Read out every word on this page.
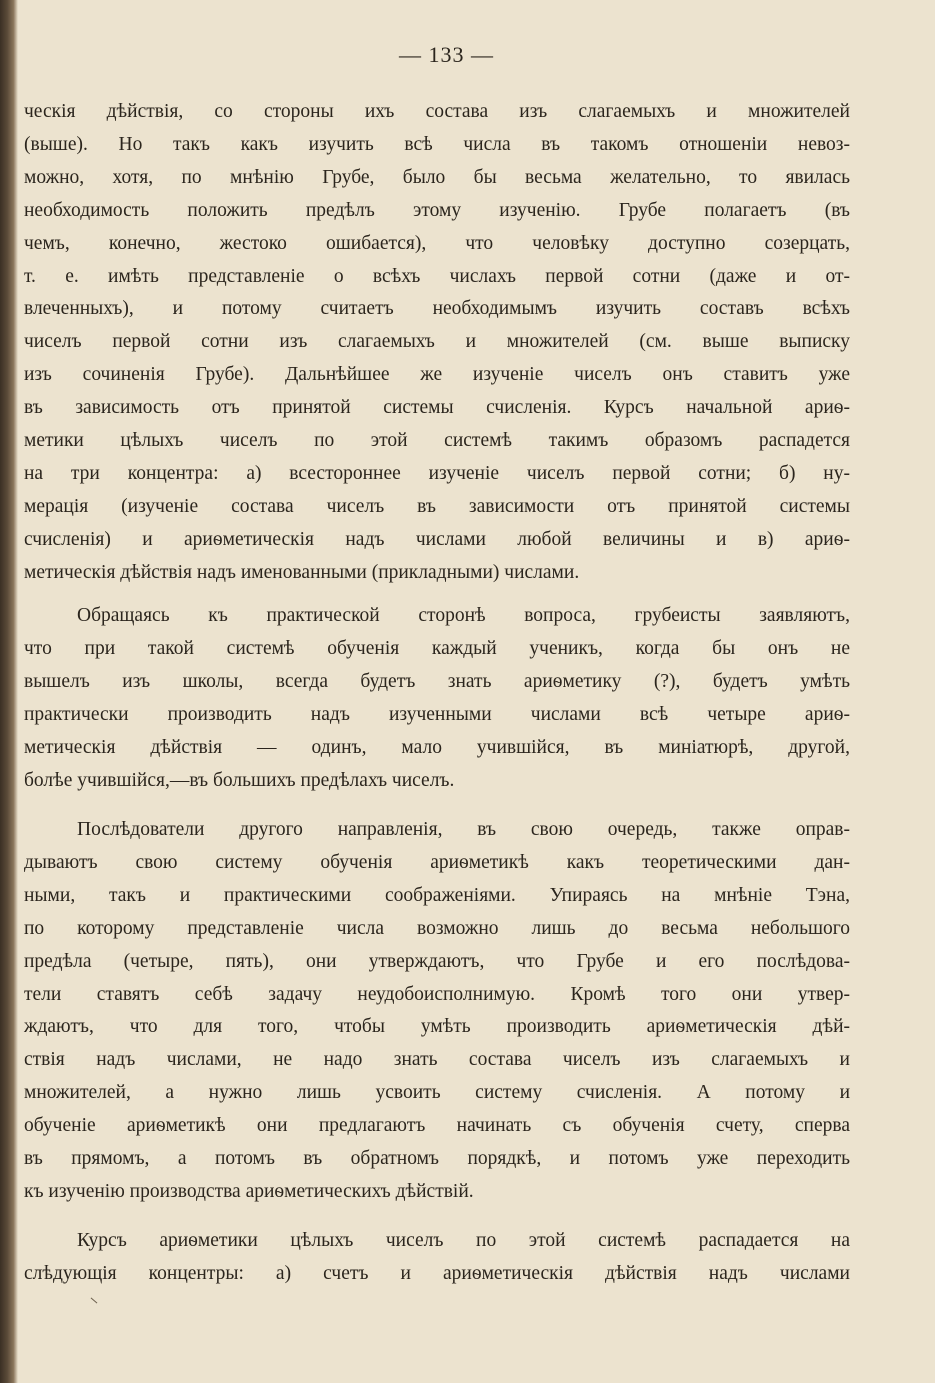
— 133 —
ческія дѣйствія, со стороны ихъ состава изъ слагаемыхъ и множителей
(выше). Но такъ какъ изучить всѣ числа въ такомъ отношеніи невоз-
можно, хотя, по мнѣнію Грубе, было бы весьма желательно, то явилась
необходимость положить предѣлъ этому изученію. Грубе полагаетъ (въ
чемъ, конечно, жестоко ошибается), что человѣку доступно созерцать,
т. е. имѣть представленіе о всѣхъ числахъ первой сотни (даже и от-
влеченныхъ), и потому считаетъ необходимымъ изучить составъ всѣхъ
чиселъ первой сотни изъ слагаемыхъ и множителей (см. выше выписку
изъ сочиненія Грубе). Дальнѣйшее же изученіе чиселъ онъ ставитъ уже
въ зависимость отъ принятой системы счисленія. Курсъ начальной ариѳ-
метики цѣлыхъ чиселъ по этой системѣ такимъ образомъ распадется
на три концентра: а) всестороннее изученіе чиселъ первой сотни; б) ну-
мерація (изученіе состава чиселъ въ зависимости отъ принятой системы
счисленія) и ариѳметическія надъ числами любой величины и в) ариѳ-
метическія дѣйствія надъ именованными (прикладными) числами.
Обращаясь къ практической сторонѣ вопроса, грубеисты заявляютъ,
что при такой системѣ обученія каждый ученикъ, когда бы онъ не
вышелъ изъ школы, всегда будетъ знать ариѳметику (?), будетъ умѣть
практически производить надъ изученными числами всѣ четыре ариѳ-
метическія дѣйствія — одинъ, мало учившійся, въ миніатюрѣ, другой,
болѣе учившійся,—въ большихъ предѣлахъ чиселъ.
Послѣдователи другого направленія, въ свою очередь, также оправ-
дываютъ свою систему обученія ариѳметикѣ какъ теоретическими дан-
ными, такъ и практическими соображеніями. Упираясь на мнѣніе Тэна,
по которому представленіе числа возможно лишь до весьма небольшого
предѣла (четыре, пять), они утверждаютъ, что Грубе и его послѣдова-
тели ставятъ себѣ задачу неудобоисполнимую. Кромѣ того они утвер-
ждаютъ, что для того, чтобы умѣть производить ариѳметическія дѣй-
ствія надъ числами, не надо знать состава чиселъ изъ слагаемыхъ и
множителей, а нужно лишь усвоить систему счисленія. А потому и
обученіе ариѳметикѣ они предлагаютъ начинать съ обученія счету, сперва
въ прямомъ, а потомъ въ обратномъ порядкѣ, и потомъ уже переходить
къ изученію производства ариѳметическихъ дѣйствій.
Курсъ ариѳметики цѣлыхъ чиселъ по этой системѣ распадается на
слѣдующія концентры: а) счетъ и ариѳметическія дѣйствія надъ числами
